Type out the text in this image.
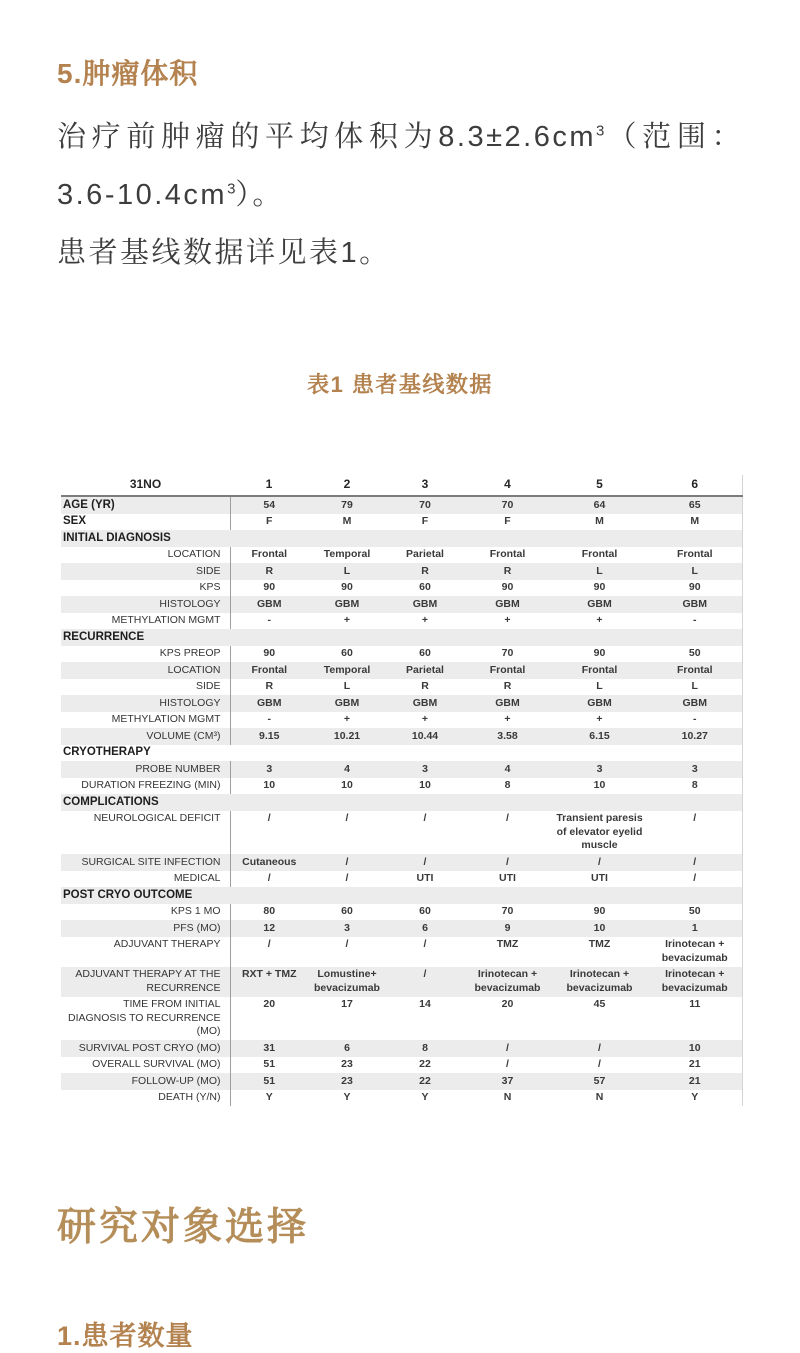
5.肿瘤体积

治疗前肿瘤的平均体积为$8.3\pm 2.6cm^3$（范围：$3.6-10.4cm^3$）。

患者基线数据详见表1。

表1 患者基线数据
31NO	1	2	3	4	5	6
AGE (YR)	54	79	70	70	64	65
SEX	F	M	F	F	M	M
INITIAL DIAGNOSIS						
LOCATION	Frontal	Temporal	Parietal	Frontal	Frontal	Frontal
SIDE	R	L	R	R	L	L
KPS	90	90	60	90	90	90
HISTOLOGY	GBM	GBM	GBM	GBM	GBM	GBM
METHYLATION MGMT	-	+	+	+	+	-
RECURRENCE						
KPS PREOP	90	60	60	70	90	50
LOCATION	Frontal	Temporal	Parietal	Frontal	Frontal	Frontal
SIDE	R	L	R	R	L	L
HISTOLOGY	GBM	GBM	GBM	GBM	GBM	GBM
METHYLATION MGMT	-	+	+	+	+	-
VOLUME (CM³)	9.15	10.21	10.44	3.58	6.15	10.27
CRYOTHERAPY						
PROBE NUMBER	3	4	3	4	3	3
DURATION FREEZING (MIN)	10	10	10	8	10	8
COMPLICATIONS						
NEUROLOGICAL DEFICIT	/	/	/	/	Transient paresis of elevator eyelid muscle	/
SURGICAL SITE INFECTION	Cutaneous	/	/	/	/	/
MEDICAL	/	/	UTI	UTI	UTI	/
POST CRYO OUTCOME						
KPS 1 MO	80	60	60	70	90	50
PFS (MO)	12	3	6	9	10	1
ADJUVANT THERAPY	/	/	/	TMZ	TMZ	Irinotecan + bevacizumab
ADJUVANT THERAPY AT THE RECURRENCE	RXT + TMZ	Lomustine+ bevacizumab	/	Irinotecan + bevacizumab	Irinotecan + bevacizumab	Irinotecan + bevacizumab
TIME FROM INITIAL DIAGNOSIS TO RECURRENCE (MO)	20	17	14	20	45	11
SURVIVAL POST CRYO (MO)	31	6	8	/	/	10
OVERALL SURVIVAL (MO)	51	23	22	/	/	21
FOLLOW-UP (MO)	51	23	22	37	57	21
DEATH (Y/N)	Y	Y	Y	N	N	Y
研究对象选择
1.患者数量
